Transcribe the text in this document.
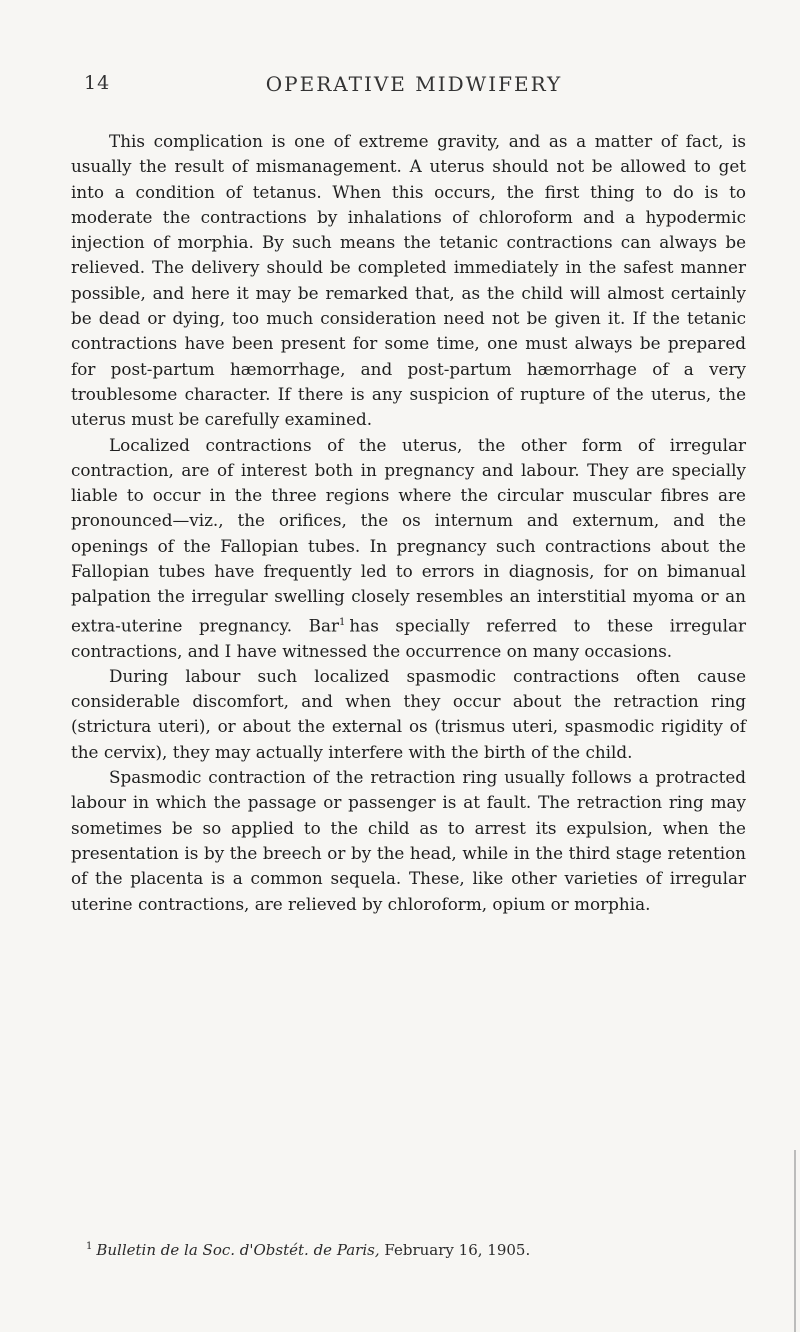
14	OPERATIVE MIDWIFERY

This complication is one of extreme gravity, and as a matter of fact, is usually the result of mismanagement. A uterus should not be allowed to get into a condition of tetanus. When this occurs, the first thing to do is to moderate the contractions by inhalations of chloroform and a hypodermic injection of morphia. By such means the tetanic contractions can always be relieved. The delivery should be completed immediately in the safest manner possible, and here it may be remarked that, as the child will almost certainly be dead or dying, too much consideration need not be given it. If the tetanic contractions have been present for some time, one must always be prepared for post-partum hæmorrhage, and post-partum hæmorrhage of a very troublesome character. If there is any suspicion of rupture of the uterus, the uterus must be carefully examined.

Localized contractions of the uterus, the other form of irregular contraction, are of interest both in pregnancy and labour. They are specially liable to occur in the three regions where the circular muscular fibres are pronounced—viz., the orifices, the os internum and externum, and the openings of the Fallopian tubes. In pregnancy such contractions about the Fallopian tubes have frequently led to errors in diagnosis, for on bimanual palpation the irregular swelling closely resembles an interstitial myoma or an extra-uterine pregnancy. Bar$^1$ has specially referred to these irregular contractions, and I have witnessed the occurrence on many occasions.

During labour such localized spasmodic contractions often cause considerable discomfort, and when they occur about the retraction ring (strictura uteri), or about the external os (trismus uteri, spasmodic rigidity of the cervix), they may actually interfere with the birth of the child.

Spasmodic contraction of the retraction ring usually follows a protracted labour in which the passage or passenger is at fault. The retraction ring may sometimes be so applied to the child as to arrest its expulsion, when the presentation is by the breech or by the head, while in the third stage retention of the placenta is a common sequela. These, like other varieties of irregular uterine contractions, are relieved by chloroform, opium or morphia.

$^1$ Bulletin de la Soc. d'Obstét. de Paris, February 16, 1905.
